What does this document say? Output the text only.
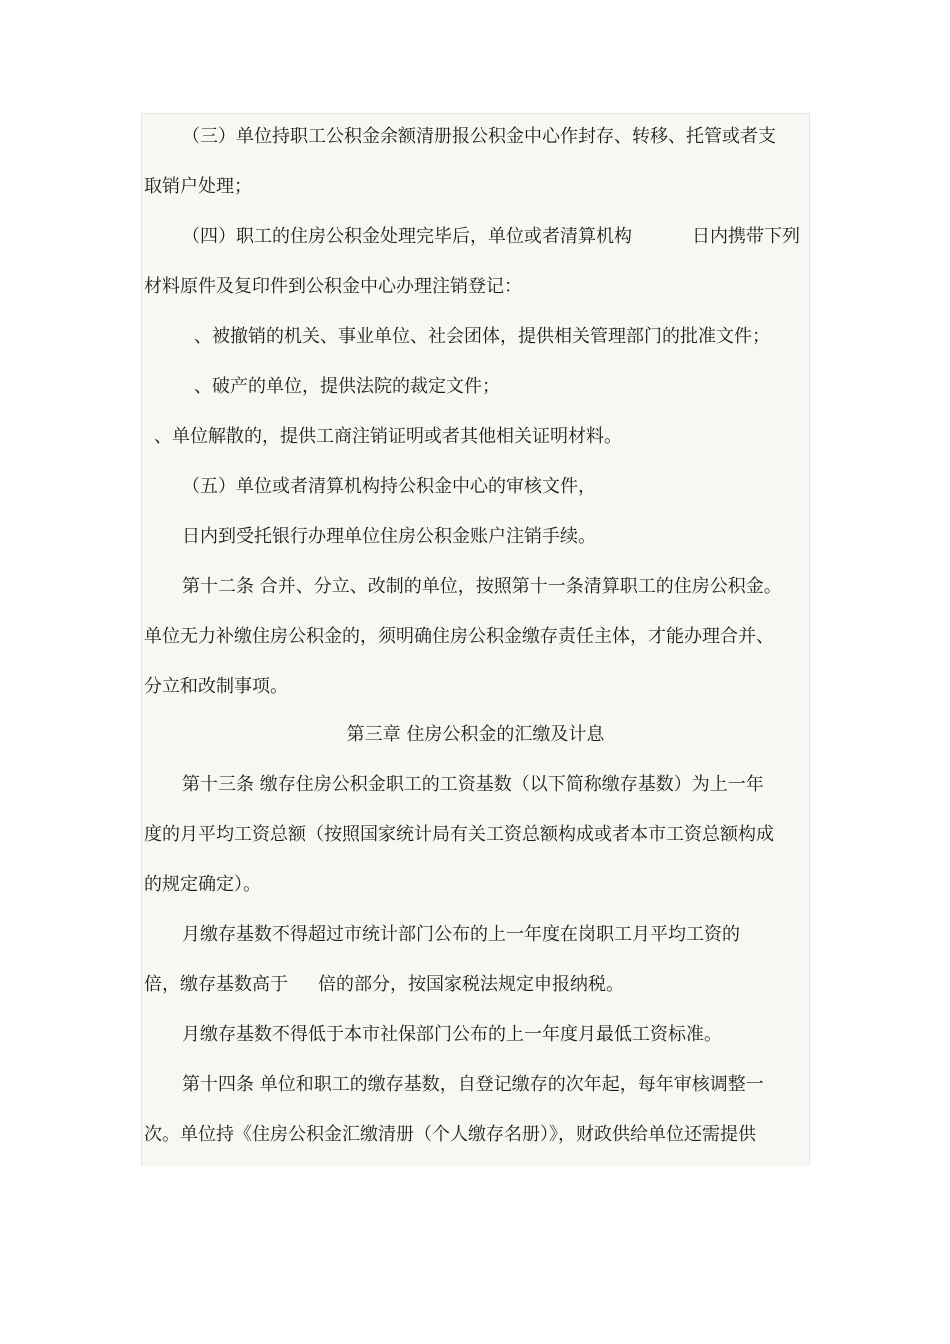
（三）单位持职工公积金余额清册报公积金中心作封存、转移、托管或者支
取销户处理；
（四）职工的住房公积金处理完毕后，单位或者清算机构	日内携带下列
材料原件及复印件到公积金中心办理注销登记：
、被撤销的机关、事业单位、社会团体，提供相关管理部门的批准文件；
、破产的单位，提供法院的裁定文件；
、单位解散的，提供工商注销证明或者其他相关证明材料。
（五）单位或者清算机构持公积金中心的审核文件，
日内到受托银行办理单位住房公积金账户注销手续。
第十二条 合并、分立、改制的单位，按照第十一条清算职工的住房公积金。
单位无力补缴住房公积金的，须明确住房公积金缴存责任主体，才能办理合并、
分立和改制事项。
第三章 住房公积金的汇缴及计息
第十三条 缴存住房公积金职工的工资基数（以下简称缴存基数）为上一年
度的月平均工资总额（按照国家统计局有关工资总额构成或者本市工资总额构成
的规定确定）。
月缴存基数不得超过市统计部门公布的上一年度在岗职工月平均工资的
倍，缴存基数高于 倍的部分，按国家税法规定申报纳税。
月缴存基数不得低于本市社保部门公布的上一年度月最低工资标准。
第十四条 单位和职工的缴存基数，自登记缴存的次年起，每年审核调整一
次。单位持《住房公积金汇缴清册（个人缴存名册）》，财政供给单位还需提供
